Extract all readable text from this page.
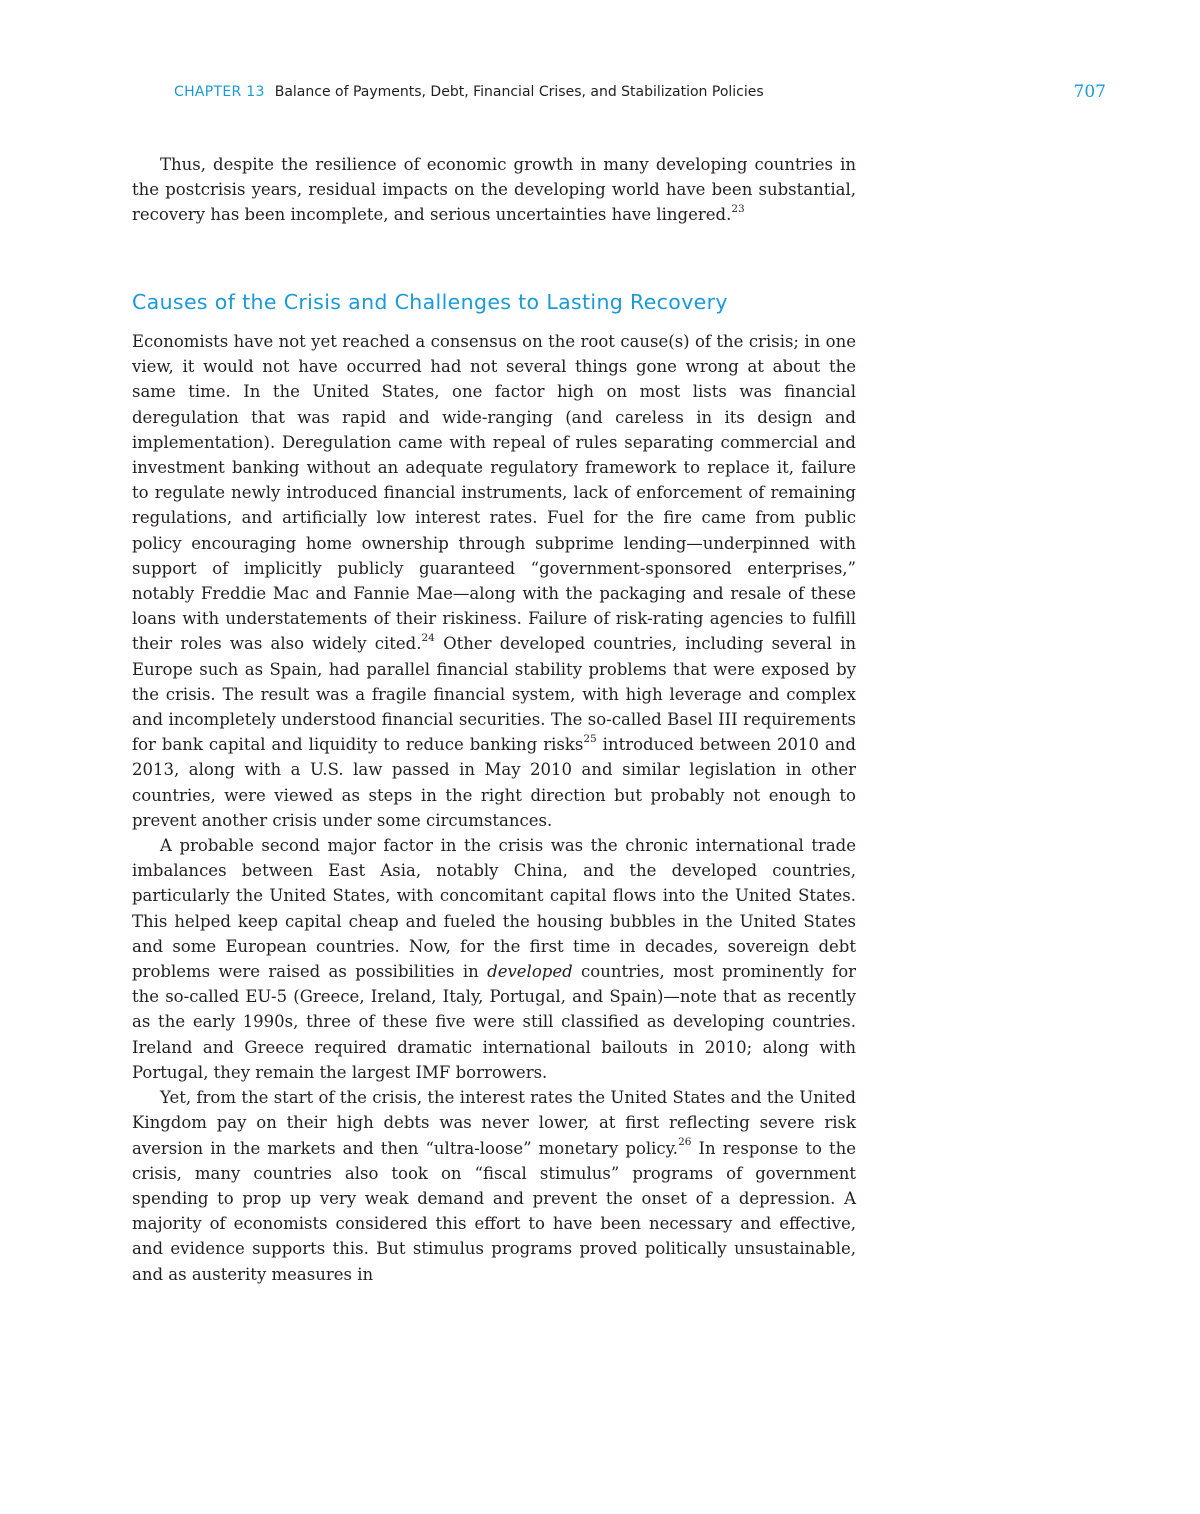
CHAPTER 13 Balance of Payments, Debt, Financial Crises, and Stabilization Policies	707

Thus, despite the resilience of economic growth in many developing countries in the postcrisis years, residual impacts on the developing world have been substantial, recovery has been incomplete, and serious uncertainties have lingered.$^{23}$

Causes of the Crisis and Challenges to Lasting Recovery

Economists have not yet reached a consensus on the root cause(s) of the crisis; in one view, it would not have occurred had not several things gone wrong at about the same time. In the United States, one factor high on most lists was financial deregulation that was rapid and wide-ranging (and careless in its design and implementation). Deregulation came with repeal of rules separating commercial and investment banking without an adequate regulatory framework to replace it, failure to regulate newly introduced financial instruments, lack of enforcement of remaining regulations, and artificially low interest rates. Fuel for the fire came from public policy encouraging home ownership through subprime lending—underpinned with support of implicitly publicly guaranteed “government-sponsored enterprises,” notably Freddie Mac and Fannie Mae—along with the packaging and resale of these loans with understatements of their riskiness. Failure of risk-rating agencies to fulfill their roles was also widely cited.$^{24}$ Other developed countries, including several in Europe such as Spain, had parallel financial stability problems that were exposed by the crisis. The result was a fragile financial system, with high leverage and complex and incompletely understood financial securities. The so-called Basel III requirements for bank capital and liquidity to reduce banking risks$^{25}$ introduced between 2010 and 2013, along with a U.S. law passed in May 2010 and similar legislation in other countries, were viewed as steps in the right direction but probably not enough to prevent another crisis under some circumstances.

A probable second major factor in the crisis was the chronic international trade imbalances between East Asia, notably China, and the developed countries, particularly the United States, with concomitant capital flows into the United States. This helped keep capital cheap and fueled the housing bubbles in the United States and some European countries. Now, for the first time in decades, sovereign debt problems were raised as possibilities in developed countries, most prominently for the so-called EU-5 (Greece, Ireland, Italy, Portugal, and Spain)—note that as recently as the early 1990s, three of these five were still classified as developing countries. Ireland and Greece required dramatic international bailouts in 2010; along with Portugal, they remain the largest IMF borrowers.

Yet, from the start of the crisis, the interest rates the United States and the United Kingdom pay on their high debts was never lower, at first reflecting severe risk aversion in the markets and then “ultra-loose” monetary policy.$^{26}$ In response to the crisis, many countries also took on “fiscal stimulus” programs of government spending to prop up very weak demand and prevent the onset of a depression. A majority of economists considered this effort to have been necessary and effective, and evidence supports this. But stimulus programs proved politically unsustainable, and as austerity measures in
